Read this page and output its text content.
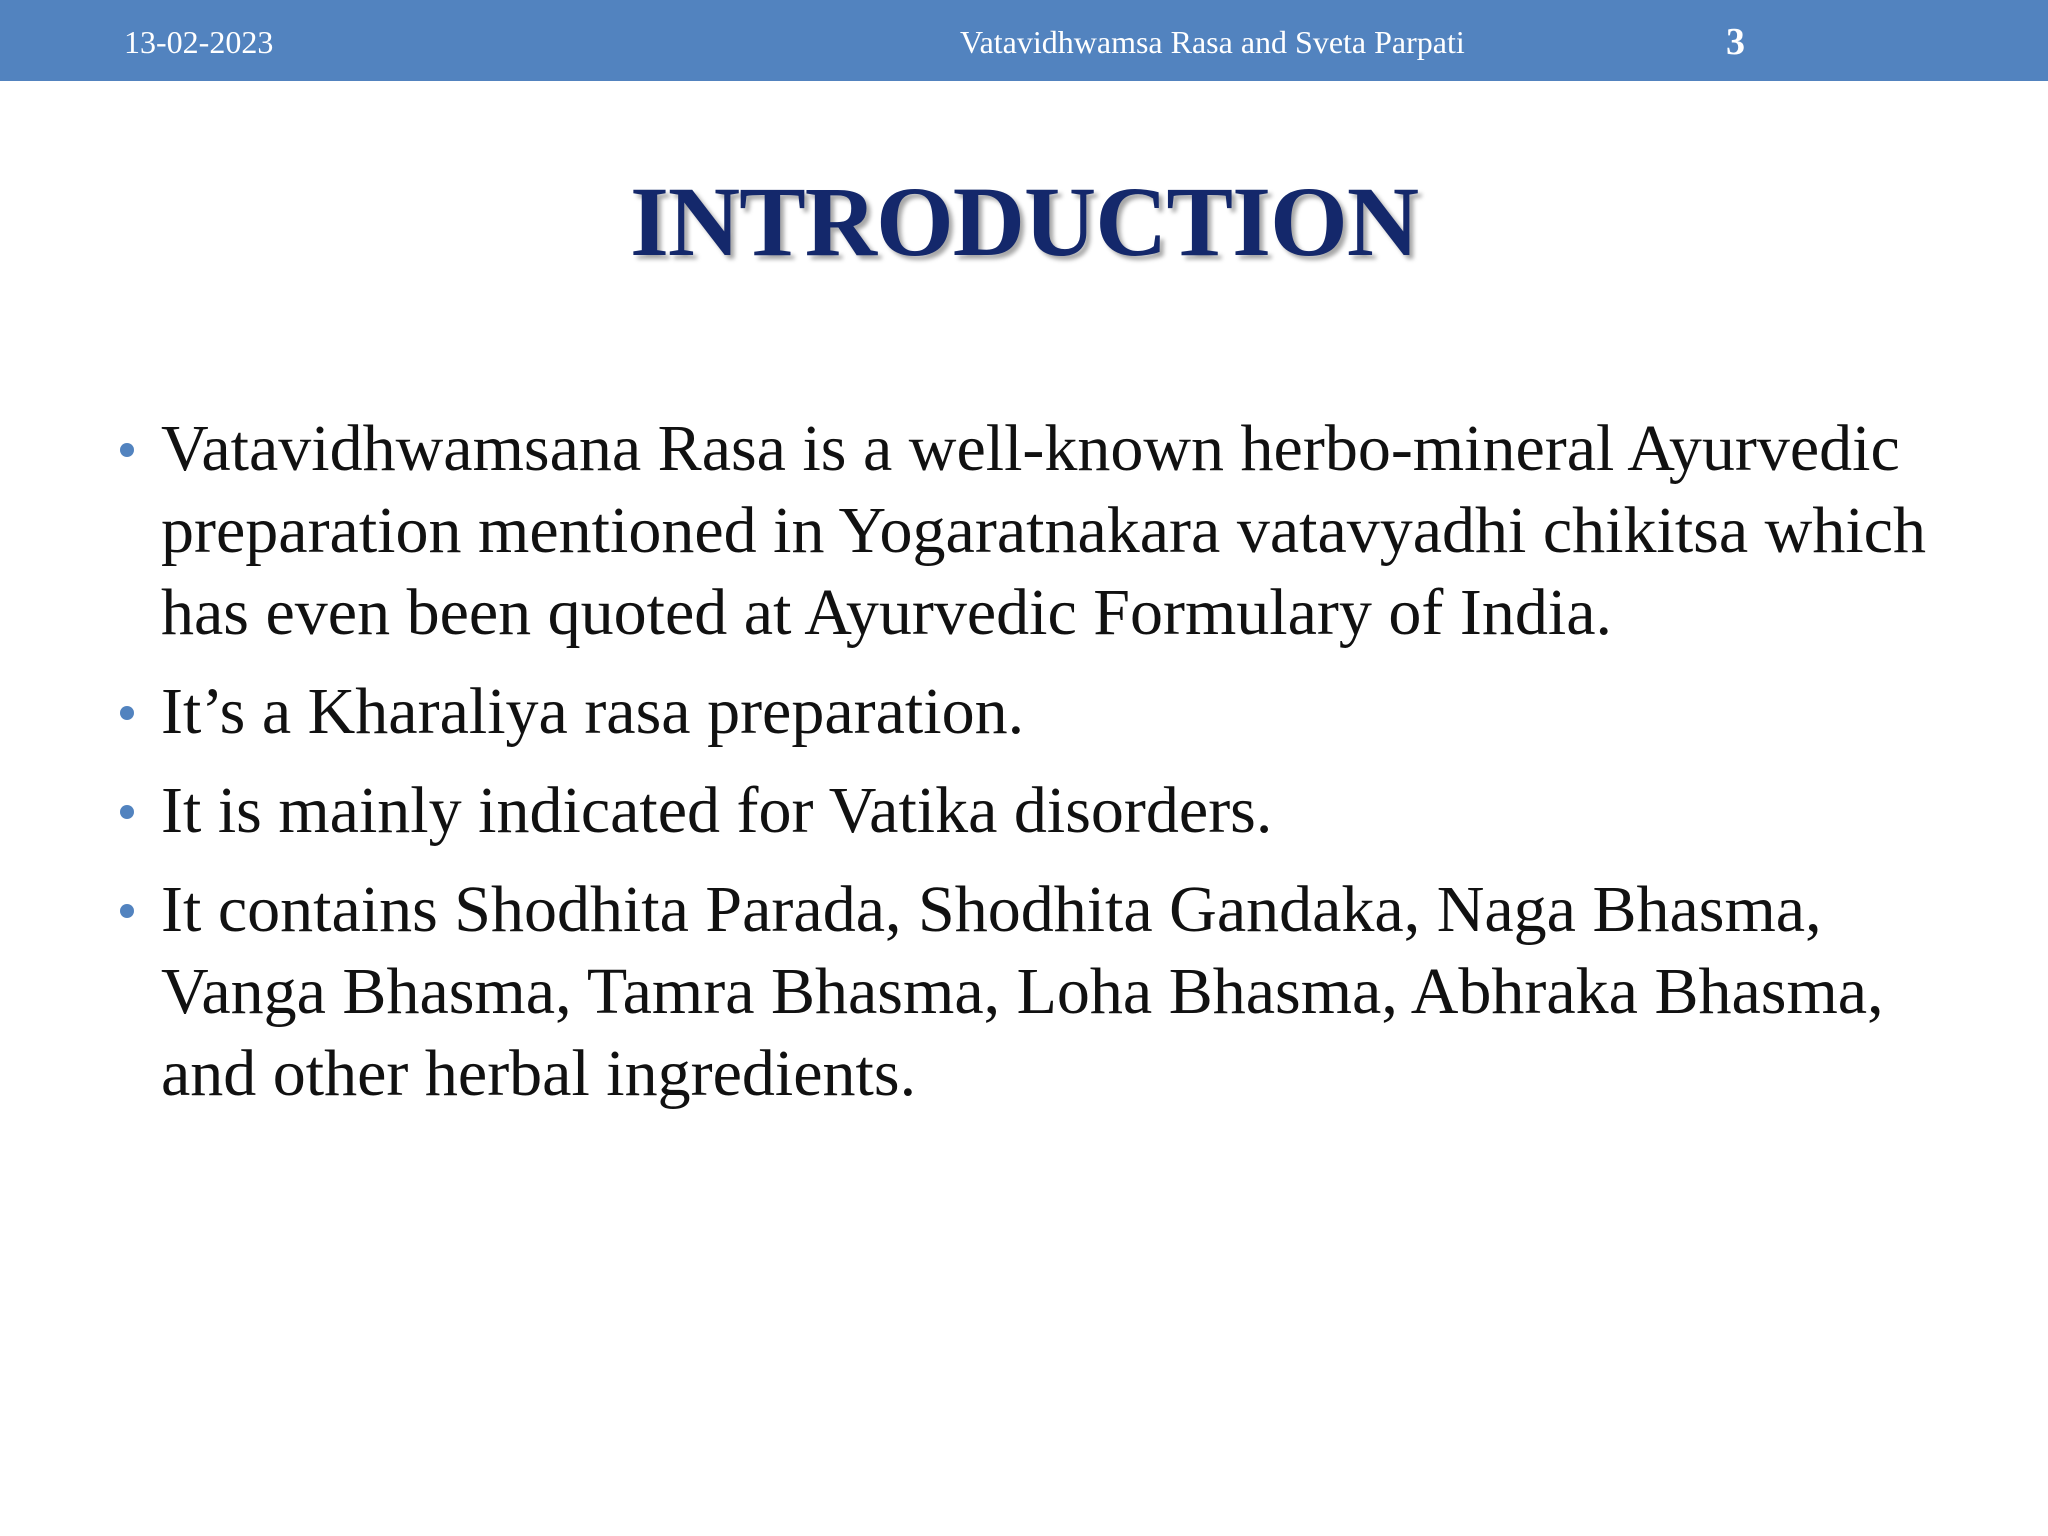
13-02-2023	Vatavidhwamsa Rasa and Sveta Parpati	3
INTRODUCTION
Vatavidhwamsana Rasa is a well-known herbo-mineral Ayurvedic preparation mentioned in Yogaratnakara vatavyadhi chikitsa which has even been quoted at Ayurvedic Formulary of India.
It’s a Kharaliya rasa preparation.
It is mainly indicated for Vatika disorders.
It contains Shodhita Parada, Shodhita Gandaka, Naga Bhasma, Vanga Bhasma, Tamra Bhasma, Loha Bhasma, Abhraka Bhasma, and other herbal ingredients.
